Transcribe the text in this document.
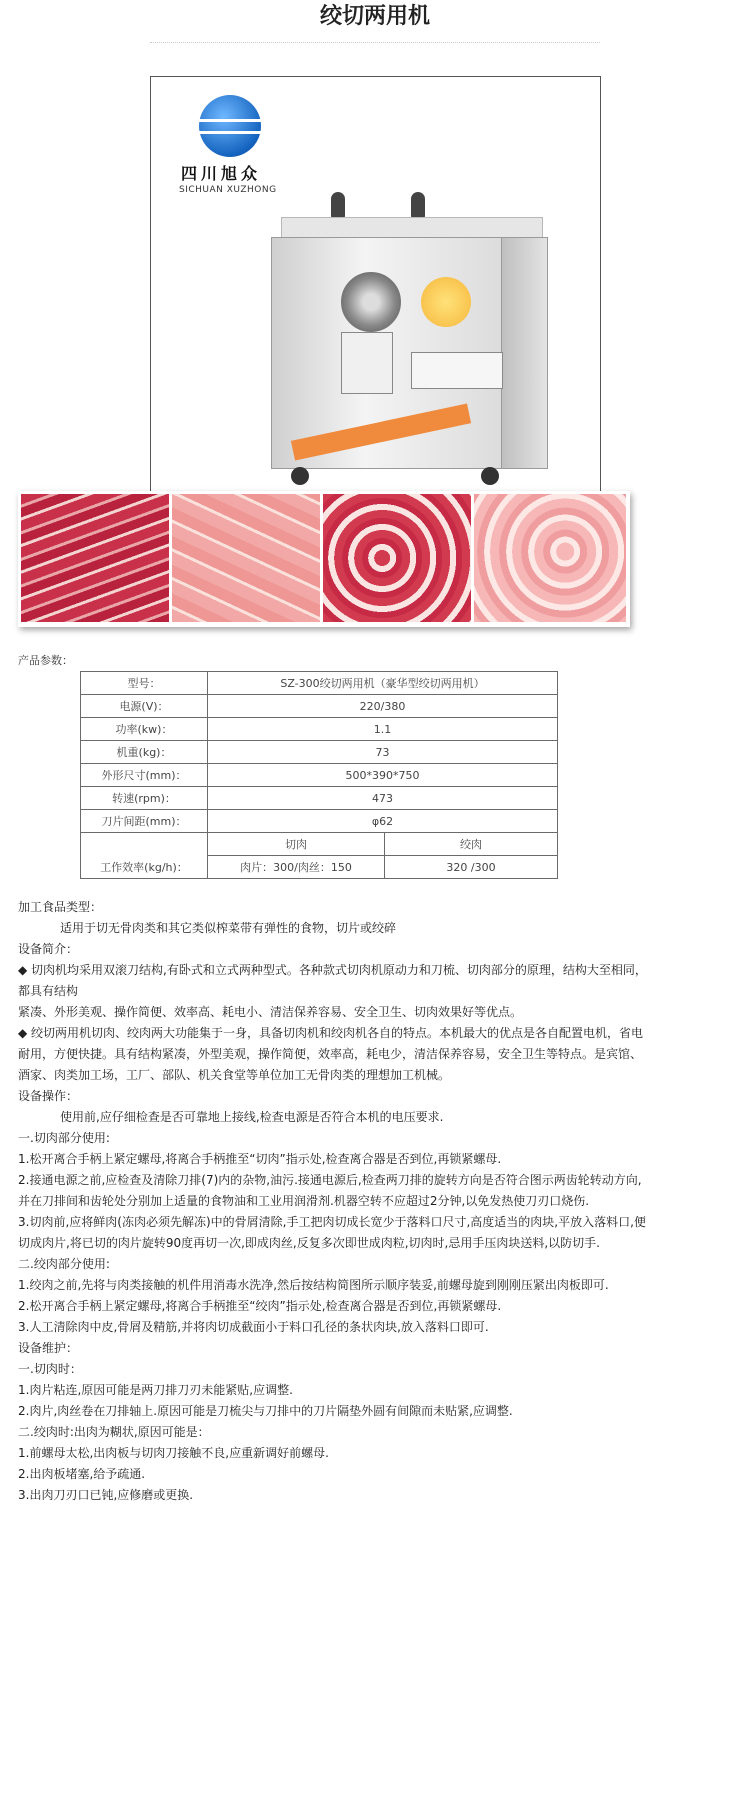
绞切两用机
四川旭众
SICHUAN XUZHONG
产品参数：
型号：	SZ-300绞切两用机（豪华型绞切两用机）	
电源(V)：	220/380	
功率(kw)：	1.1	
机重(kg)：	73	
外形尺寸(mm)：	500*390*750	
转速(rpm)：	473	
刀片间距(mm)：	φ62	
工作效率(kg/h)：	切肉	绞肉
	肉片：300/肉丝：150	320 /300
加工食品类型：
适用于切无骨肉类和其它类似榨菜带有弹性的食物，切片或绞碎
设备简介：
◆ 切肉机均采用双滚刀结构,有卧式和立式两种型式。各种款式切肉机原动力和刀梳、切肉部分的原理，结构大至相同，都具有结构
紧凑、外形美观、操作简便、效率高、耗电小、清洁保养容易、安全卫生、切肉效果好等优点。
◆ 绞切两用机切肉、绞肉两大功能集于一身，具备切肉机和绞肉机各自的特点。本机最大的优点是各自配置电机，省电耐用，方便快捷。具有结构紧凑，外型美观，操作简便，效率高，耗电少，清洁保养容易，安全卫生等特点。是宾馆、酒家、肉类加工场，工厂、部队、机关食堂等单位加工无骨肉类的理想加工机械。
设备操作：
使用前,应仔细检查是否可靠地上接线,检查电源是否符合本机的电压要求.
一.切肉部分使用:
1.松开离合手柄上紧定螺母,将离合手柄推至“切肉”指示处,检查离合器是否到位,再锁紧螺母.
2.接通电源之前,应检查及清除刀排(7)内的杂物,油污.接通电源后,检查两刀排的旋转方向是否符合图示两齿轮转动方向,并在刀排间和齿轮处分别加上适量的食物油和工业用润滑剂.机器空转不应超过2分钟,以免发热使刀刃口烧伤.
3.切肉前,应将鲜肉(冻肉必须先解冻)中的骨屑清除,手工把肉切成长宽少于落料口尺寸,高度适当的肉块,平放入落料口,便切成肉片,将已切的肉片旋转90度再切一次,即成肉丝,反复多次即世成肉粒,切肉时,忌用手压肉块送料,以防切手.
二.绞肉部分使用:
1.绞肉之前,先将与肉类接触的机件用消毒水洗净,然后按结构简图所示顺序装妥,前螺母旋到刚刚压紧出肉板即可.
2.松开离合手柄上紧定螺母,将离合手柄推至“绞肉”指示处,检查离合器是否到位,再锁紧螺母.
3.人工清除肉中皮,骨屑及精筋,并将肉切成截面小于料口孔径的条状肉块,放入落料口即可.
设备维护：
一.切肉时：
1.肉片粘连,原因可能是两刀排刀刃未能紧贴,应调整.
2.肉片,肉丝卷在刀排轴上.原因可能是刀梳尖与刀排中的刀片隔垫外圆有间隙而未贴紧,应调整.
二.绞肉时:出肉为糊状,原因可能是：
1.前螺母太松,出肉板与切肉刀接触不良,应重新调好前螺母.
2.出肉板堵塞,给予疏通.
3.出肉刀刃口已钝,应修磨或更换.
